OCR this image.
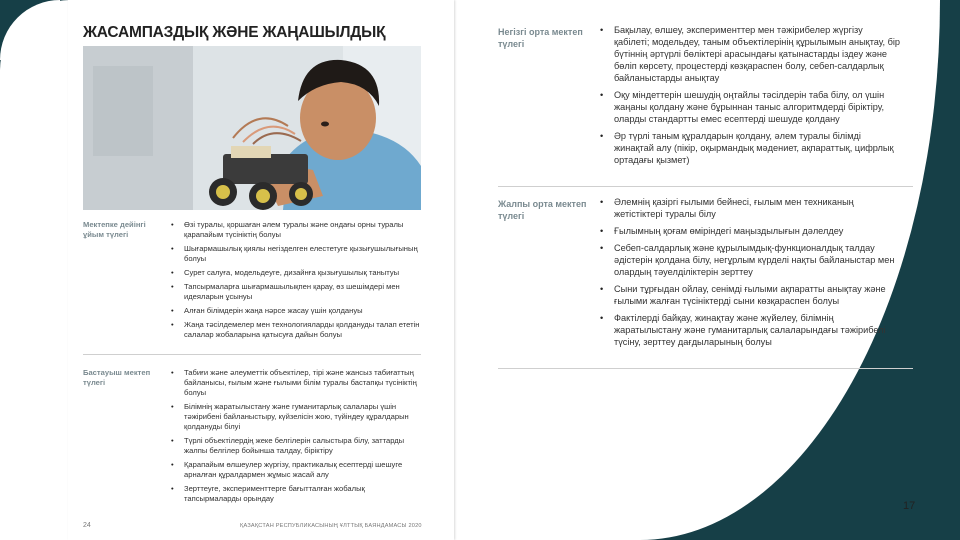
ЖАСАМПАЗДЫҚ ЖӘНЕ ЖАҢАШЫЛДЫҚ
Мектепке дейінгі ұйым түлегі
• Өзі туралы, қоршаған әлем туралы және ондағы орны туралы қарапайым түсініктің болуы
• Шығармашылық қиялы негізделген елестетуге қызығушылығының болуы
• Сурет салуға, модельдеуге, дизайнға қызығушылық танытуы
• Тапсырмаларға шығармашылықпен қарау, өз шешімдері мен идеяларын ұсынуы
• Алған білімдерін жаңа нәрсе жасау үшін қолдануы
• Жаңа тәсілдемелер мен технологияларды қолдануды талап ететін салалар жобаларына қатысуға дайын болуы
Бастауыш мектеп түлегі
• Табиғи және әлеуметтік объектілер, тірі және жансыз табиғаттың байланысы, ғылым және ғылыми білім туралы бастапқы түсініктің болуы
• Білімнің жаратылыстану және гуманитарлық салалары үшін тәжірибені байланыстыру, күйзелісін жою, түйіндеу құралдарын қолдануды білуі
• Түрлі объектілердің жеке белгілерін салыстыра білу, заттарды жалпы белгілер бойынша талдау, біріктіру
• Қарапайым өлшеулер жүргізу, практикалық есептерді шешуге арналған құралдармен жұмыс жасай алу
• Зерттеуге, эксперименттерге бағытталған жобалық тапсырмаларды орындау
24	ҚАЗАҚСТАН РЕСПУБЛИКАСЫНЫҢ ҰЛТТЫҚ БАЯНДАМАСЫ 2020
Негізгі орта мектеп түлегі
• Бақылау, өлшеу, эксперименттер мен тәжірибелер жүргізу қабілеті; модельдеу, таным объектілерінің құрылымын анықтау, бір бүтіннің әртүрлі бөліктері арасындағы қатынастарды іздеу және бөліп көрсету, процестерді көзқараспен болу, себеп-салдарлық байланыстарды анықтау
• Оқу міндеттерін шешудің оңтайлы тәсілдерін таба білу, ол үшін жаңаны қолдану және бұрыннан таныс алгоритмдерді біріктіру, оларды стандартты емес есептерді шешуде қолдану
• Әр түрлі таным құралдарын қолдану, әлем туралы білімді жинақтай алу (пікір, оқырмандық мәдениет, ақпараттық, цифрлық ортадағы қызмет)
Жалпы орта мектеп түлегі
• Әлемнің қазіргі ғылыми бейнесі, ғылым мен техниканың жетістіктері туралы білу
• Ғылымның қоғам өміріндегі маңыздылығын дәлелдеу
• Себеп-салдарлық және құрылымдық-функционалдық талдау әдістерін қолдана білу, негұрлым күрделі нақты байланыстар мен олардың тәуелділіктерін зерттеу
• Сыни тұрғыдан ойлау, сенімді ғылыми ақпаратты анықтау және ғылыми жалған түсініктерді сыни көзқараспен болуы
• Фактілерді байқау, жинақтау және жүйелеу, білімнің жаратылыстану және гуманитарлық салаларындағы тәжірибелі түсіну, зерттеу дағдыларының болуы
17
